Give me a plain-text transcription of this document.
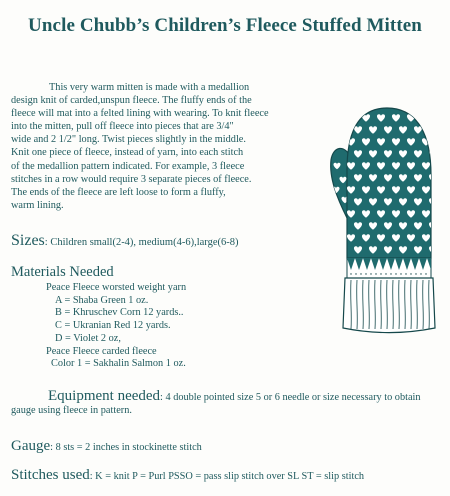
Uncle Chubb’s Children’s Fleece Stuffed Mitten
This very warm mitten is made with a medallion
design knit of carded,unspun fleece. The fluffy ends of the
fleece will mat into a felted lining with wearing. To knit fleece
into the mitten, pull off fleece into pieces that are 3/4"
wide and 2 1/2" long. Twist pieces slightly in the middle.
Knit one piece of fleece, instead of yarn, into each stitch
of the medallion pattern indicated. For example, 3 fleece
stitches in a row would require 3 separate pieces of fleece.
The ends of the fleece are left loose to form a fluffy,
warm lining.
Sizes: Children small(2-4), medium(4-6),large(6-8)
Materials Needed
Peace Fleece worsted weight yarn
A = Shaba Green 1 oz.
B = Khruschev Corn 12 yards..
C = Ukranian Red 12 yards.
D = Violet 2 oz,
Peace Fleece carded fleece
Color 1 = Sakhalin Salmon 1 oz.
Equipment needed: 4 double pointed size 5 or 6 needle or size necessary to obtain gauge using fleece in pattern.
Gauge: 8 sts = 2 inches in stockinette stitch
Stitches used: K = knit P = Purl PSSO = pass slip stitch over SL ST = slip stitch
